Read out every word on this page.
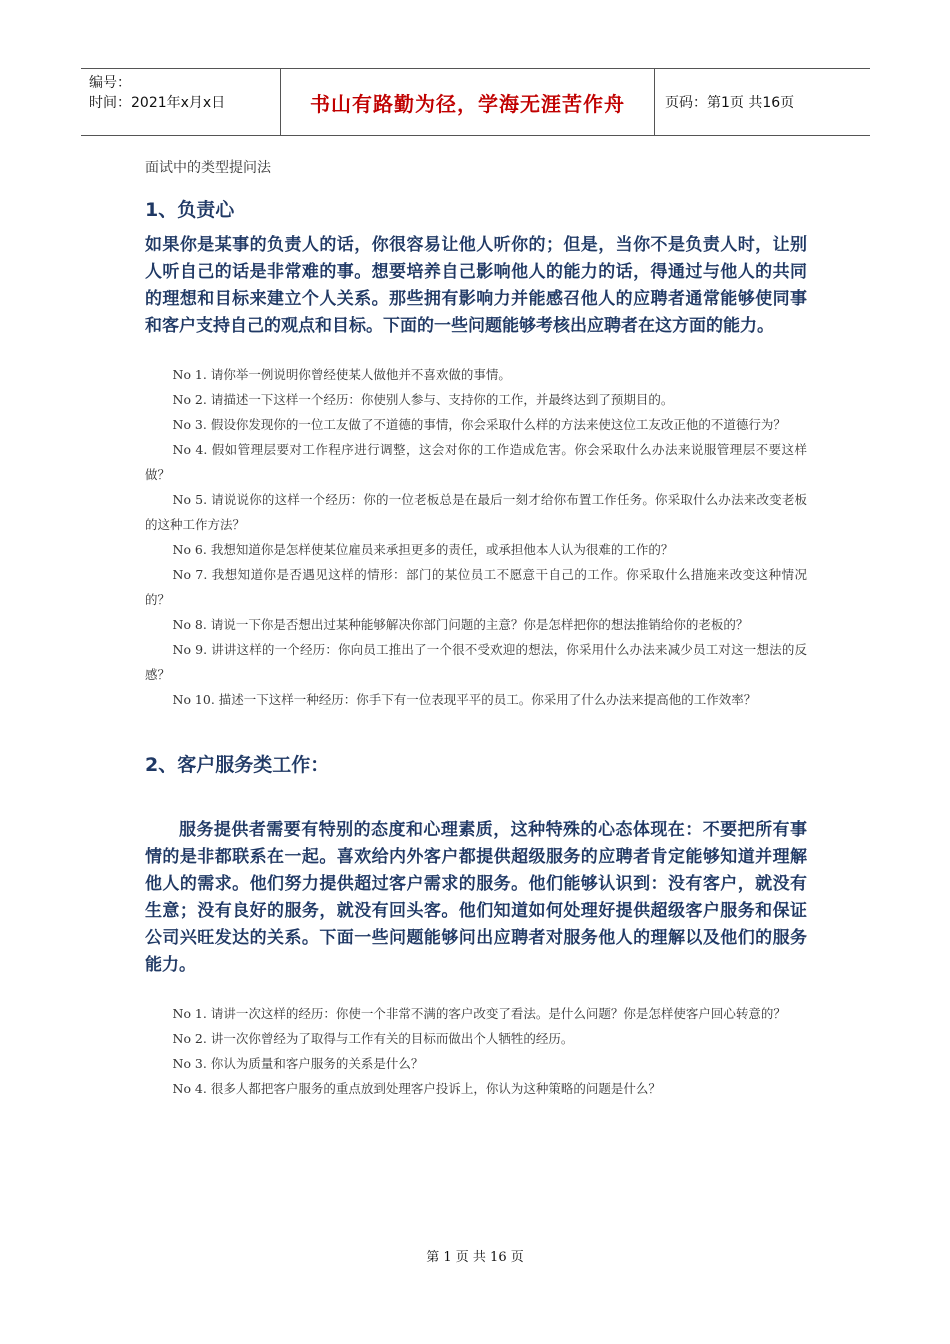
编号：
时间：2021年x月x日	书山有路勤为径，学海无涯苦作舟	页码：第1页 共16页
面试中的类型提问法
1、负责心

如果你是某事的负责人的话，你很容易让他人听你的；但是，当你不是负责人时，让别人听自己的话是非常难的事。想要培养自己影响他人的能力的话，得通过与他人的共同的理想和目标来建立个人关系。那些拥有影响力并能感召他人的应聘者通常能够使同事和客户支持自己的观点和目标。下面的一些问题能够考核出应聘者在这方面的能力。

No 1. 请你举一例说明你曾经使某人做他并不喜欢做的事情。
No 2. 请描述一下这样一个经历：你使别人参与、支持你的工作，并最终达到了预期目的。
No 3. 假设你发现你的一位工友做了不道德的事情，你会采取什么样的方法来使这位工友改正他的不道德行为？
No 4. 假如管理层要对工作程序进行调整，这会对你的工作造成危害。你会采取什么办法来说服管理层不要这样做？
No 5. 请说说你的这样一个经历：你的一位老板总是在最后一刻才给你布置工作任务。你采取什么办法来改变老板的这种工作方法？
No 6. 我想知道你是怎样使某位雇员来承担更多的责任，或承担他本人认为很难的工作的？
No 7. 我想知道你是否遇见这样的情形：部门的某位员工不愿意干自己的工作。你采取什么措施来改变这种情况的？
No 8. 请说一下你是否想出过某种能够解决你部门问题的主意？你是怎样把你的想法推销给你的老板的？
No 9. 讲讲这样的一个经历：你向员工推出了一个很不受欢迎的想法，你采用什么办法来减少员工对这一想法的反感？
No 10. 描述一下这样一种经历：你手下有一位表现平平的员工。你采用了什么办法来提高他的工作效率？
2、客户服务类工作：

服务提供者需要有特别的态度和心理素质，这种特殊的心态体现在：不要把所有事情的是非都联系在一起。喜欢给内外客户都提供超级服务的应聘者肯定能够知道并理解他人的需求。他们努力提供超过客户需求的服务。他们能够认识到：没有客户，就没有生意；没有良好的服务，就没有回头客。他们知道如何处理好提供超级客户服务和保证公司兴旺发达的关系。下面一些问题能够问出应聘者对服务他人的理解以及他们的服务能力。

No 1. 请讲一次这样的经历：你使一个非常不满的客户改变了看法。是什么问题？你是怎样使客户回心转意的？
No 2. 讲一次你曾经为了取得与工作有关的目标而做出个人牺牲的经历。
No 3. 你认为质量和客户服务的关系是什么？
No 4. 很多人都把客户服务的重点放到处理客户投诉上，你认为这种策略的问题是什么？
第 1 页 共 16 页
